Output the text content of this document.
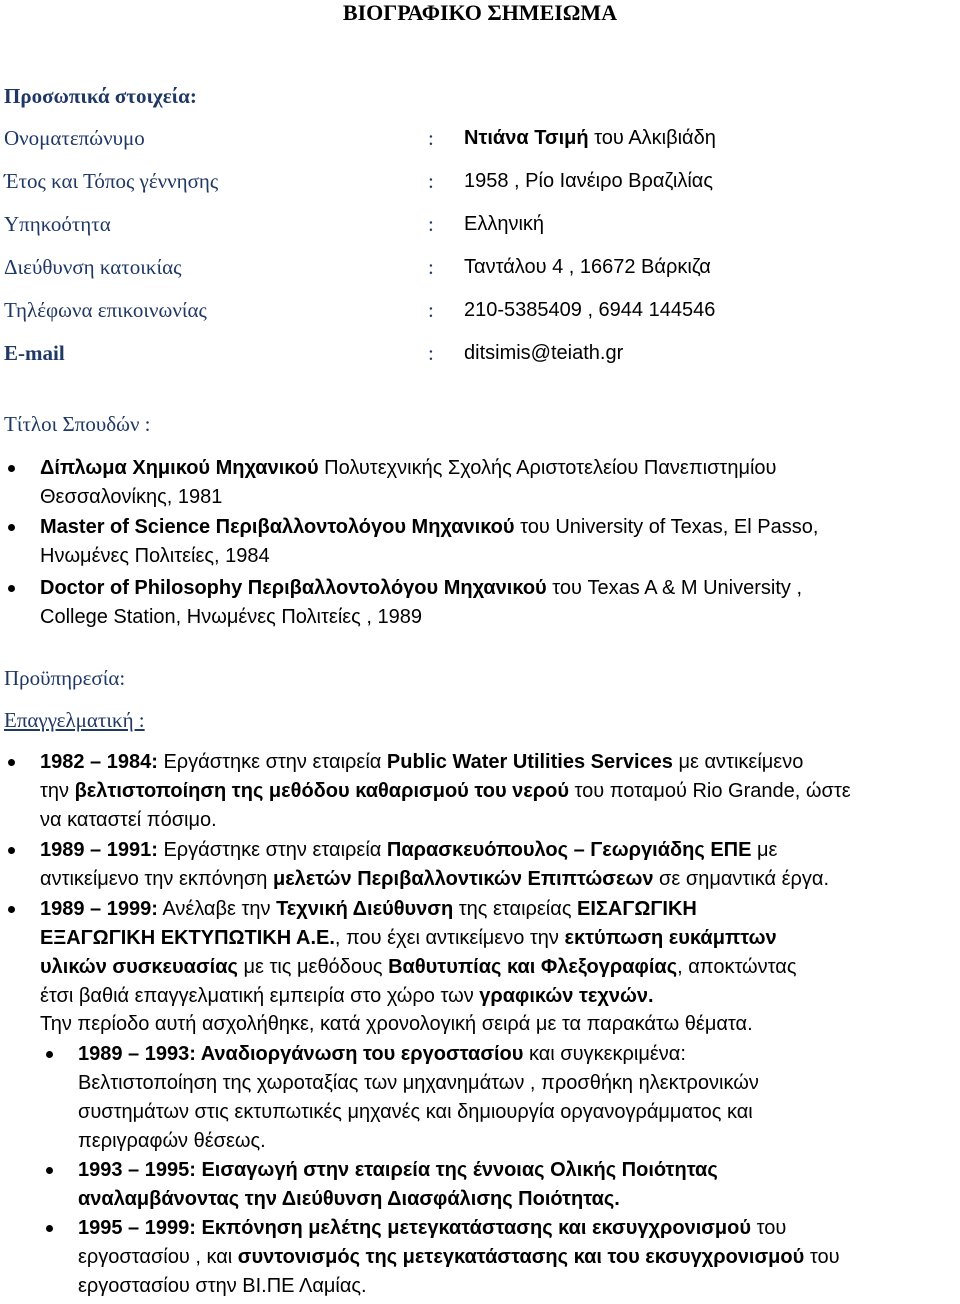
ΒΙΟΓΡΑΦΙΚΟ ΣΗΜΕΙΩΜΑ
Προσωπικά στοιχεία:
Ονοματεπώνυμο	: Ντιάνα Τσιμή του Αλκιβιάδη
Έτος και Τόπος γέννησης	: 1958 , Ρίο Ιανέιρο Βραζιλίας
Υπηκοότητα	: Ελληνική
Διεύθυνση κατοικίας	: Ταντάλου 4 , 16672 Βάρκιζα
Τηλέφωνα επικοινωνίας	: 210-5385409 , 6944 144546
E-mail	: ditsimis@teiath.gr
Τίτλοι Σπουδών :
Δίπλωμα Χημικού Μηχανικού Πολυτεχνικής Σχολής Αριστοτελείου Πανεπιστημίου
Θεσσαλονίκης, 1981
Master of Science Περιβαλλοντολόγου Μηχανικού του University of Texas, El Passo,
Ηνωμένες Πολιτείες, 1984
Doctor of Philosophy Περιβαλλοντολόγου Μηχανικού του Texas A & M University ,
College Station, Ηνωμένες Πολιτείες , 1989
Προϋπηρεσία:
Επαγγελματική :
1982 – 1984: Εργάστηκε στην εταιρεία Public Water Utilities Services με αντικείμενο
την βελτιστοποίηση της μεθόδου καθαρισμού του νερού του ποταμού Rio Grande, ώστε
να καταστεί πόσιμο.
1989 – 1991: Εργάστηκε στην εταιρεία Παρασκευόπουλος – Γεωργιάδης ΕΠΕ με
αντικείμενο την εκπόνηση μελετών Περιβαλλοντικών Επιπτώσεων σε σημαντικά έργα.
1989 – 1999: Ανέλαβε την Τεχνική Διεύθυνση της εταιρείας ΕΙΣΑΓΩΓΙΚΗ
ΕΞΑΓΩΓΙΚΗ ΕΚΤΥΠΩΤΙΚΗ Α.Ε., που έχει αντικείμενο την εκτύπωση ευκάμπτων
υλικών συσκευασίας με τις μεθόδους Βαθυτυπίας και Φλεξογραφίας, αποκτώντας
έτσι βαθιά επαγγελματική εμπειρία στο χώρο των γραφικών τεχνών.
Την περίοδο αυτή ασχολήθηκε, κατά χρονολογική σειρά με τα παρακάτω θέματα.
1989 – 1993: Αναδιοργάνωση του εργοστασίου και συγκεκριμένα:
Βελτιστοποίηση της χωροταξίας των μηχανημάτων , προσθήκη ηλεκτρονικών
συστημάτων στις εκτυπωτικές μηχανές και δημιουργία οργανογράμματος και
περιγραφών θέσεως.
1993 – 1995: Εισαγωγή στην εταιρεία της έννοιας Ολικής Ποιότητας
αναλαμβάνοντας την Διεύθυνση Διασφάλισης Ποιότητας.
1995 – 1999: Εκπόνηση μελέτης μετεγκατάστασης και εκσυγχρονισμού του
εργοστασίου , και συντονισμός της μετεγκατάστασης και του εκσυγχρονισμού του
εργοστασίου στην ΒΙ.ΠΕ Λαμίας.
